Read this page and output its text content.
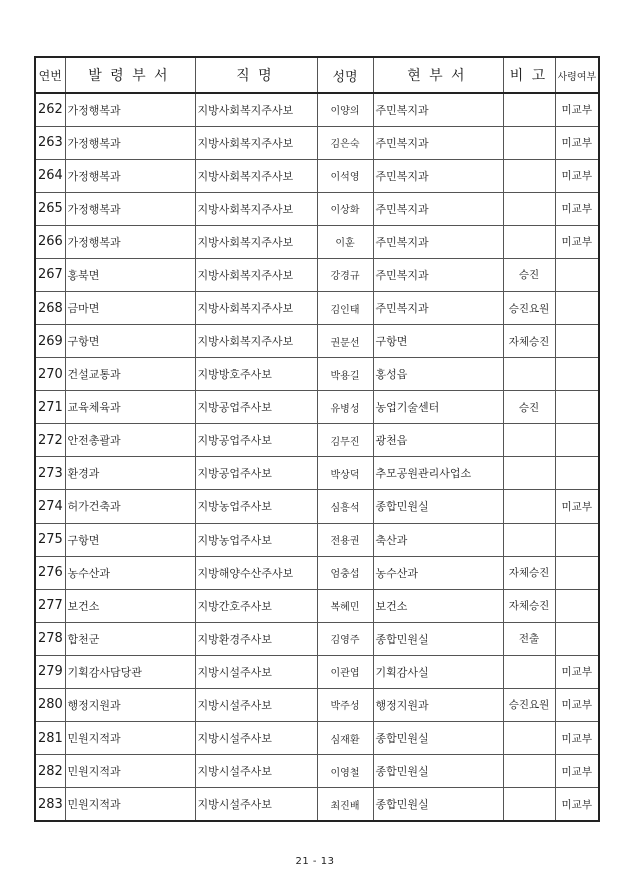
연번	발령부서	직명	성명	현부서	비고	사령여부
262	가정행복과	지방사회복지주사보	이양의	주민복지과		미교부
263	가정행복과	지방사회복지주사보	김은숙	주민복지과		미교부
264	가정행복과	지방사회복지주사보	이석영	주민복지과		미교부
265	가정행복과	지방사회복지주사보	이상화	주민복지과		미교부
266	가정행복과	지방사회복지주사보	이훈	주민복지과		미교부
267	홍북면	지방사회복지주사보	강경규	주민복지과	승진	
268	금마면	지방사회복지주사보	김인태	주민복지과	승진요원	
269	구항면	지방사회복지주사보	권문선	구항면	자체승진	
270	건설교통과	지방방호주사보	박용길	홍성읍		
271	교육체육과	지방공업주사보	유병성	농업기술센터	승진	
272	안전총괄과	지방공업주사보	김무진	광천읍		
273	환경과	지방공업주사보	박상덕	추모공원관리사업소		
274	허가건축과	지방농업주사보	심흥석	종합민원실		미교부
275	구항면	지방농업주사보	전용권	축산과		
276	농수산과	지방해양수산주사보	엄충섭	농수산과	자체승진	
277	보건소	지방간호주사보	복혜민	보건소	자체승진	
278	합천군	지방환경주사보	김영주	종합민원실	전출	
279	기획감사담당관	지방시설주사보	이관엽	기획감사실		미교부
280	행정지원과	지방시설주사보	박주성	행정지원과	승진요원	미교부
281	민원지적과	지방시설주사보	심재환	종합민원실		미교부
282	민원지적과	지방시설주사보	이영철	종합민원실		미교부
283	민원지적과	지방시설주사보	최진배	종합민원실		미교부
21 - 13
